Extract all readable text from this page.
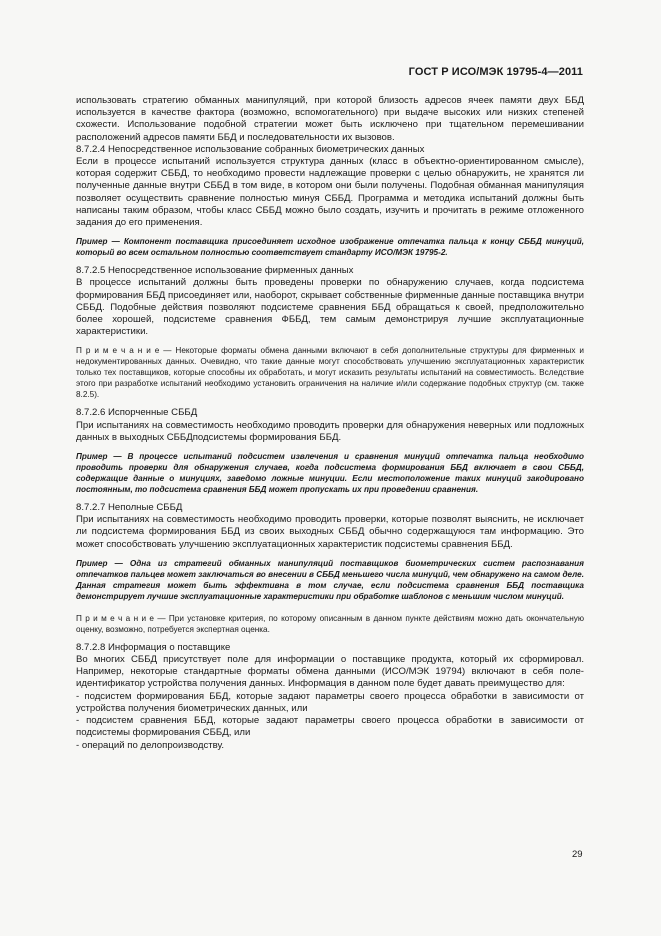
ГОСТ Р ИСО/МЭК 19795-4—2011

использовать стратегию обманных манипуляций, при которой близость адресов ячеек памяти двух ББД используется в качестве фактора (возможно, вспомогательного) при выдаче высоких или низких степеней схожести. Использование подобной стратегии может быть исключено при тщательном перемешивании расположений адресов памяти ББД и последовательности их вызовов.

8.7.2.4 Непосредственное использование собранных биометрических данных

Если в процессе испытаний используется структура данных (класс в объектно-ориентированном смысле), которая содержит СББД, то необходимо провести надлежащие проверки с целью обнаружить, не хранятся ли полученные данные внутри СББД в том виде, в котором они были получены. Подобная обманная манипуляция позволяет осуществить сравнение полностью минуя СББД. Программа и методика испытаний должны быть написаны таким образом, чтобы класс СББД можно было создать, изучить и прочитать в режиме отложенного задания до его применения.

Пример — Компонент поставщика присоединяет исходное изображение отпечатка пальца к концу СББД минуций, который во всем остальном полностью соответствует стандарту ИСО/МЭК 19795-2.

8.7.2.5 Непосредственное использование фирменных данных

В процессе испытаний должны быть проведены проверки по обнаружению случаев, когда подсистема формирования ББД присоединяет или, наоборот, скрывает собственные фирменные данные поставщика внутри СББД. Подобные действия позволяют подсистеме сравнения ББД обращаться к своей, предположительно более хорошей, подсистеме сравнения ФББД, тем самым демонстрируя лучшие эксплуатационные характеристики.

П р и м е ч а н и е — Некоторые форматы обмена данными включают в себя дополнительные структуры для фирменных и недокументированных данных. Очевидно, что такие данные могут способствовать улучшению эксплуатационных характеристик только тех поставщиков, которые способны их обработать, и могут исказить результаты испытаний на совместимость. Вследствие этого при разработке испытаний необходимо установить ограничения на наличие и/или содержание подобных структур (см. также 8.2.5).

8.7.2.6 Испорченные СББД

При испытаниях на совместимость необходимо проводить проверки для обнаружения неверных или подложных данных в выходных СББДподсистемы формирования ББД.

Пример — В процессе испытаний подсистем извлечения и сравнения минуций отпечатка пальца необходимо проводить проверки для обнаружения случаев, когда подсистема формирования ББД включает в свои СББД, содержащие данные о минуциях, заведомо ложные минуции. Если местоположение таких минуций закодировано постоянным, то подсистема сравнения ББД может пропускать их при проведении сравнения.

8.7.2.7 Неполные СББД

При испытаниях на совместимость необходимо проводить проверки, которые позволят выяснить, не исключает ли подсистема формирования ББД из своих выходных СББД обычно содержащуюся там информацию. Это может способствовать улучшению эксплуатационных характеристик подсистемы сравнения ББД.

Пример — Одна из стратегий обманных манипуляций поставщиков биометрических систем распознавания отпечатков пальцев может заключаться во внесении в СББД меньшего числа минуций, чем обнаружено на самом деле. Данная стратегия может быть эффективна в том случае, если подсистема сравнения ББД поставщика демонстрирует лучшие эксплуатационные характеристики при обработке шаблонов с меньшим числом минуций.

П р и м е ч а н и е — При установке критерия, по которому описанным в данном пункте действиям можно дать окончательную оценку, возможно, потребуется экспертная оценка.

8.7.2.8 Информация о поставщике

Во многих СББД присутствует поле для информации о поставщике продукта, который их сформировал. Например, некоторые стандартные форматы обмена данными (ИСО/МЭК 19794) включают в себя поле-идентификатор устройства получения данных. Информация в данном поле будет давать преимущество для:

- подсистем формирования ББД, которые задают параметры своего процесса обработки в зависимости от устройства получения биометрических данных, или

- подсистем сравнения ББД, которые задают параметры своего процесса обработки в зависимости от подсистемы формирования СББД, или

- операций по делопроизводству.

29
